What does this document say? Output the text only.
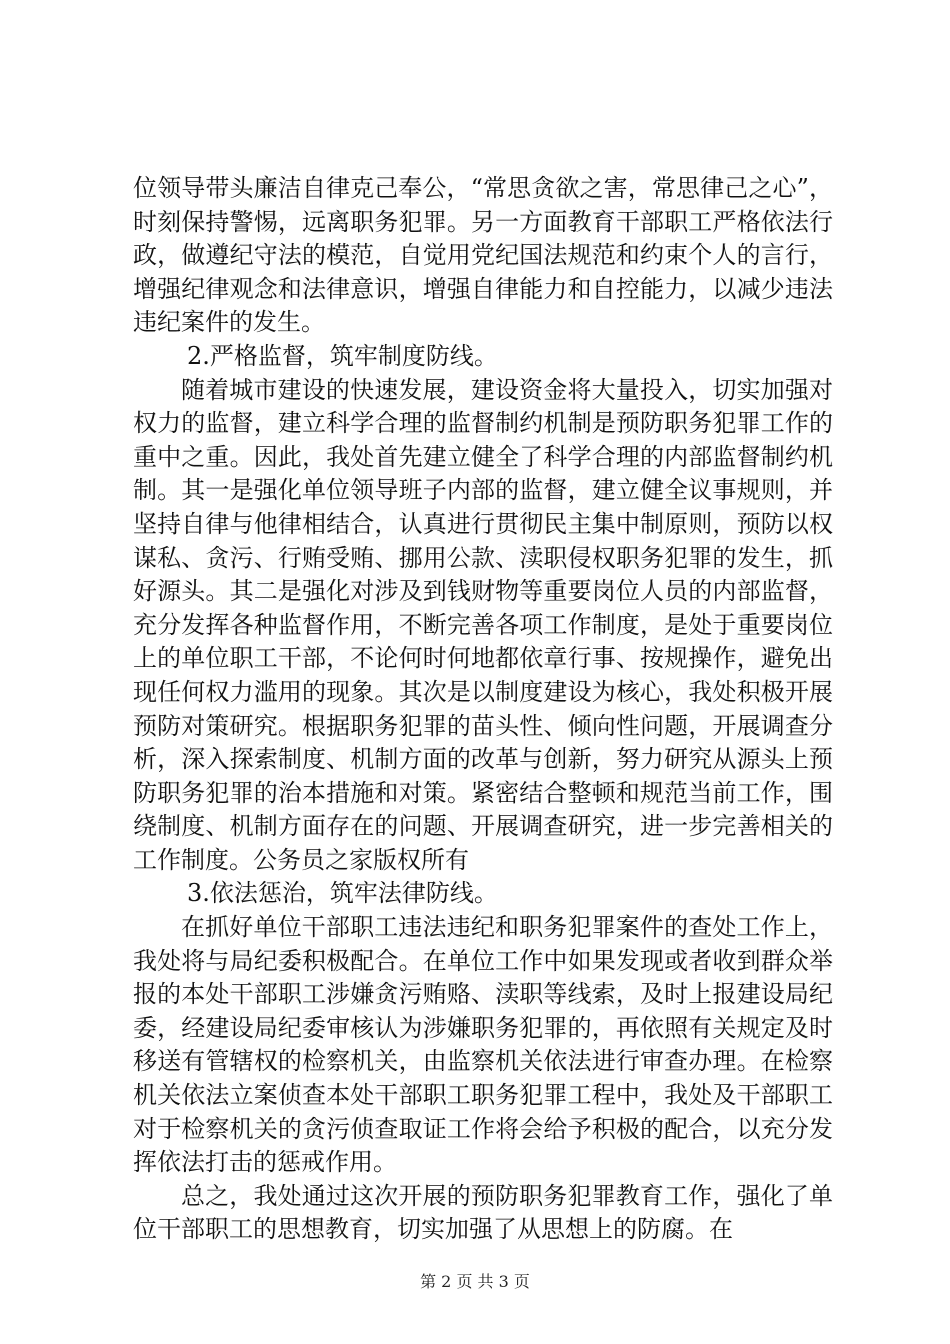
位领导带头廉洁自律克己奉公，“常思贪欲之害，常思律己之心”，时刻保持警惕，远离职务犯罪。另一方面教育干部职工严格依法行政，做遵纪守法的模范，自觉用党纪国法规范和约束个人的言行，增强纪律观念和法律意识，增强自律能力和自控能力，以减少违法违纪案件的发生。

2.严格监督，筑牢制度防线。

随着城市建设的快速发展，建设资金将大量投入，切实加强对权力的监督，建立科学合理的监督制约机制是预防职务犯罪工作的重中之重。因此，我处首先建立健全了科学合理的内部监督制约机制。其一是强化单位领导班子内部的监督，建立健全议事规则，并坚持自律与他律相结合，认真进行贯彻民主集中制原则，预防以权谋私、贪污、行贿受贿、挪用公款、渎职侵权职务犯罪的发生，抓好源头。其二是强化对涉及到钱财物等重要岗位人员的内部监督，充分发挥各种监督作用，不断完善各项工作制度，是处于重要岗位上的单位职工干部，不论何时何地都依章行事、按规操作，避免出现任何权力滥用的现象。其次是以制度建设为核心，我处积极开展预防对策研究。根据职务犯罪的苗头性、倾向性问题，开展调查分析，深入探索制度、机制方面的改革与创新，努力研究从源头上预防职务犯罪的治本措施和对策。紧密结合整顿和规范当前工作，围绕制度、机制方面存在的问题、开展调查研究，进一步完善相关的工作制度。公务员之家版权所有

3.依法惩治，筑牢法律防线。

在抓好单位干部职工违法违纪和职务犯罪案件的查处工作上，我处将与局纪委积极配合。在单位工作中如果发现或者收到群众举报的本处干部职工涉嫌贪污贿赂、渎职等线索，及时上报建设局纪委，经建设局纪委审核认为涉嫌职务犯罪的，再依照有关规定及时移送有管辖权的检察机关，由监察机关依法进行审查办理。在检察机关依法立案侦查本处干部职工职务犯罪工程中，我处及干部职工对于检察机关的贪污侦查取证工作将会给予积极的配合，以充分发挥依法打击的惩戒作用。

总之，我处通过这次开展的预防职务犯罪教育工作，强化了单位干部职工的思想教育，切实加强了从思想上的防腐。在

第 2 页 共 3 页
